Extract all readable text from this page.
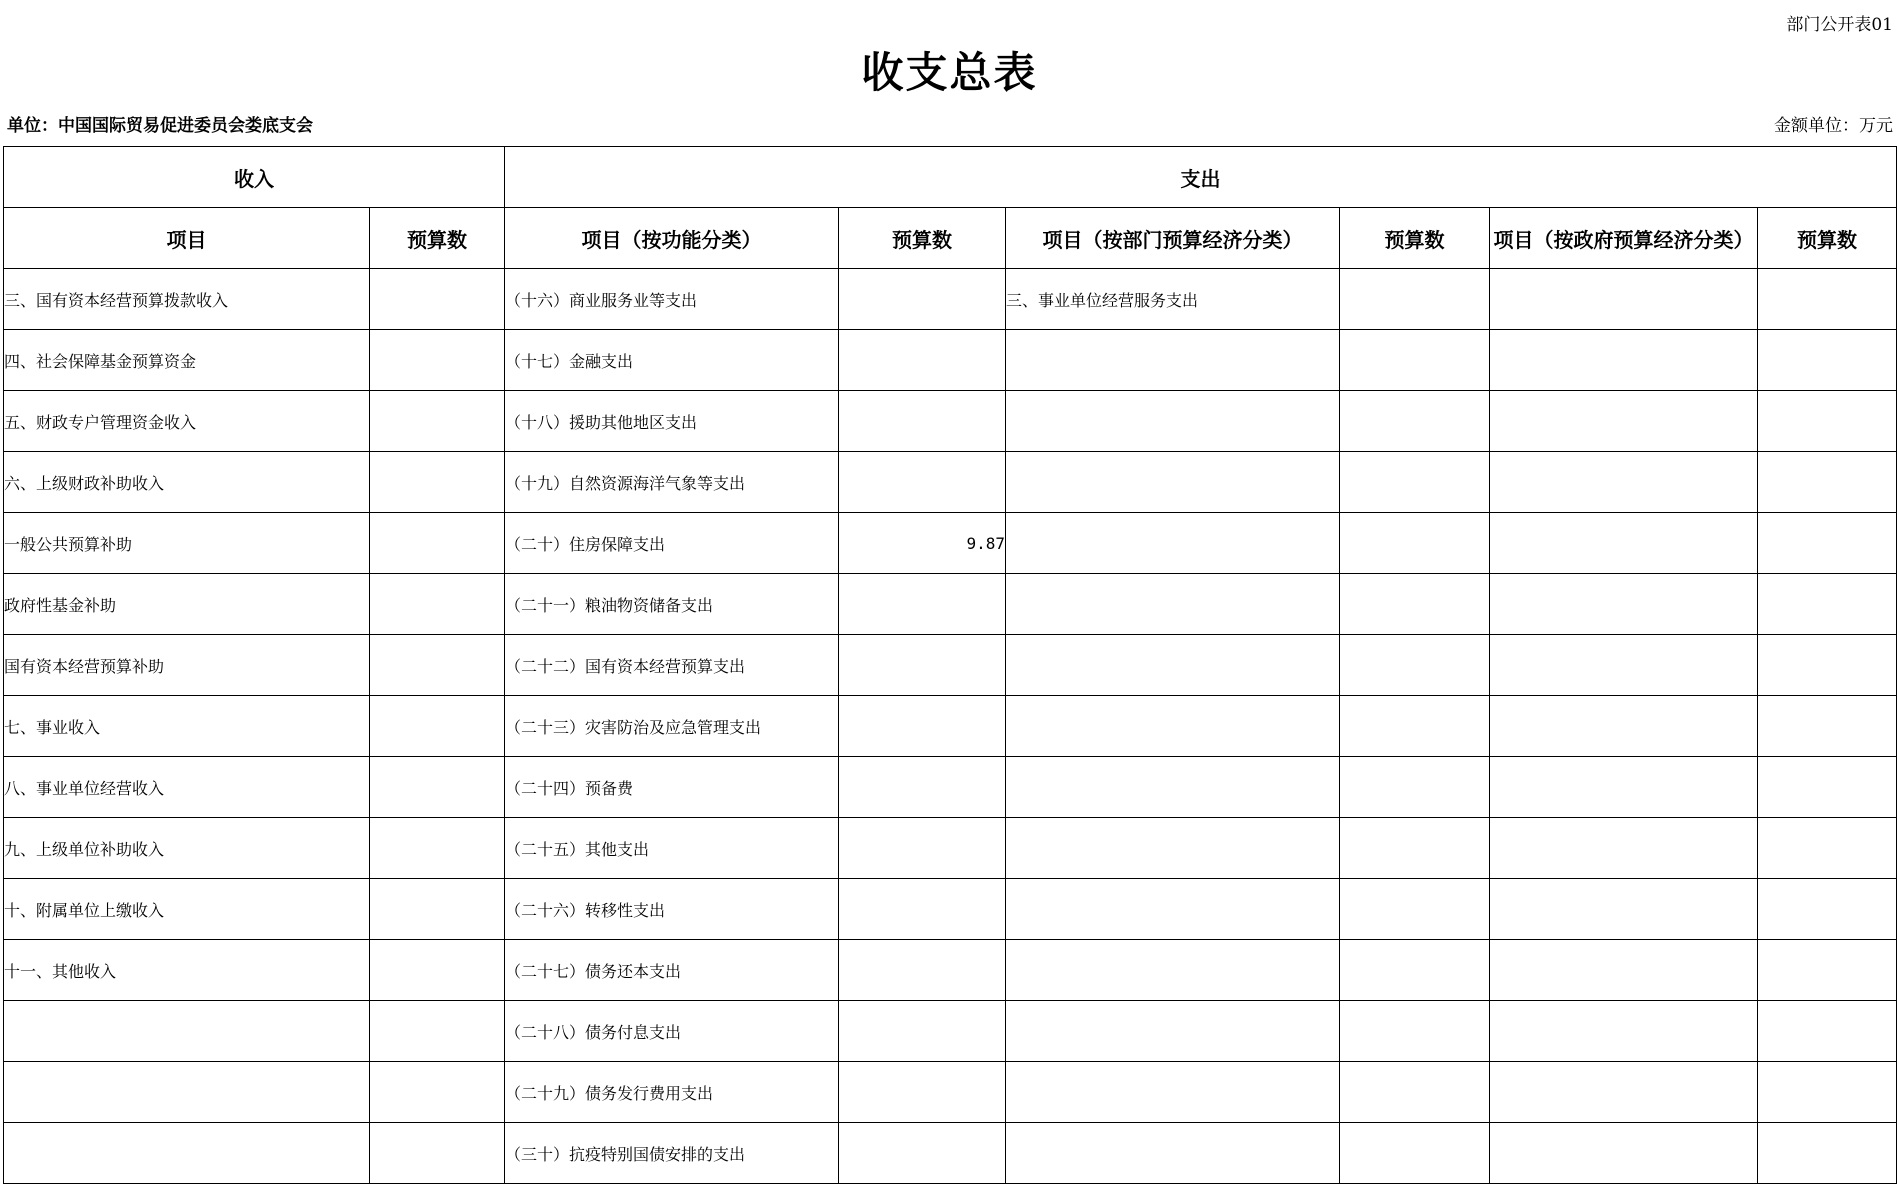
部门公开表01
收支总表
单位：中国国际贸易促进委员会娄底支会	金额单位：万元
收入		支出					
项目	预算数	项目（按功能分类）	预算数	项目（按部门预算经济分类）	预算数	项目（按政府预算经济分类）	预算数
三、国有资本经营预算拨款收入		（十六）商业服务业等支出		三、事业单位经营服务支出			
四、社会保障基金预算资金		（十七）金融支出					
五、财政专户管理资金收入		（十八）援助其他地区支出					
六、上级财政补助收入		（十九）自然资源海洋气象等支出					
一般公共预算补助		（二十）住房保障支出	9.87				
政府性基金补助		（二十一）粮油物资储备支出					
国有资本经营预算补助		（二十二）国有资本经营预算支出					
七、事业收入		（二十三）灾害防治及应急管理支出					
八、事业单位经营收入		（二十四）预备费					
九、上级单位补助收入		（二十五）其他支出					
十、附属单位上缴收入		（二十六）转移性支出					
十一、其他收入		（二十七）债务还本支出					
		（二十八）债务付息支出					
		（二十九）债务发行费用支出					
		（三十）抗疫特别国债安排的支出					
